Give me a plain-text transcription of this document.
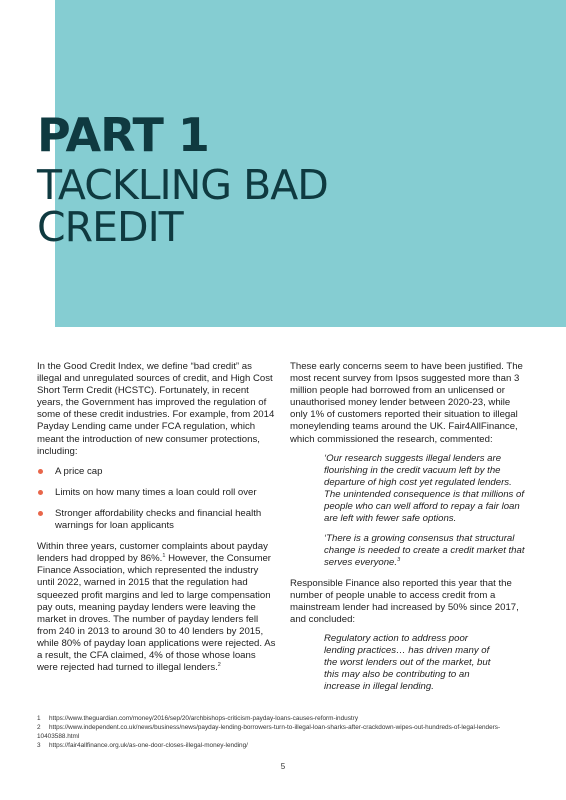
PART 1
TACKLING BAD
CREDIT

In the Good Credit Index, we define “bad credit” as illegal and unregulated sources of credit, and High Cost Short Term Credit (HCSTC). Fortunately, in recent years, the Government has improved the regulation of some of these credit industries. For example, from 2014 Payday Lending came under FCA regulation, which meant the introduction of new consumer protections, including:

A price cap
Limits on how many times a loan could roll over
Stronger affordability checks and financial health warnings for loan applicants

Within three years, customer complaints about payday lenders had dropped by 86%.$^1$ However, the Consumer Finance Association, which represented the industry until 2022, warned in 2015 that the regulation had squeezed profit margins and led to large compensation pay outs, meaning payday lenders were leaving the market in droves. The number of payday lenders fell from 240 in 2013 to around 30 to 40 lenders by 2015, while 80% of payday loan applications were rejected. As a result, the CFA claimed, 4% of those whose loans were rejected had turned to illegal lenders.$^2$

These early concerns seem to have been justified. The most recent survey from Ipsos suggested more than 3 million people had borrowed from an unlicensed or unauthorised money lender between 2020-23, while only 1% of customers reported their situation to illegal moneylending teams around the UK. Fair4AllFinance, which commissioned the research, commented:

‘Our research suggests illegal lenders are flourishing in the credit vacuum left by the departure of high cost yet regulated lenders. The unintended consequence is that millions of people who can well afford to repay a fair loan are left with fewer safe options.

‘There is a growing consensus that structural change is needed to create a credit market that serves everyone.$^3$

Responsible Finance also reported this year that the number of people unable to access credit from a mainstream lender had increased by 50% since 2017, and concluded:

Regulatory action to address poor lending practices… has driven many of the worst lenders out of the market, but this may also be contributing to an increase in illegal lending.

1 https://www.theguardian.com/money/2016/sep/20/archbishops-criticism-payday-loans-causes-reform-industry
2 https://www.independent.co.uk/news/business/news/payday-lending-borrowers-turn-to-illegal-loan-sharks-after-crackdown-wipes-out-hundreds-of-legal-lenders-10403588.html
3 https://fair4allfinance.org.uk/as-one-door-closes-illegal-money-lending/
5
